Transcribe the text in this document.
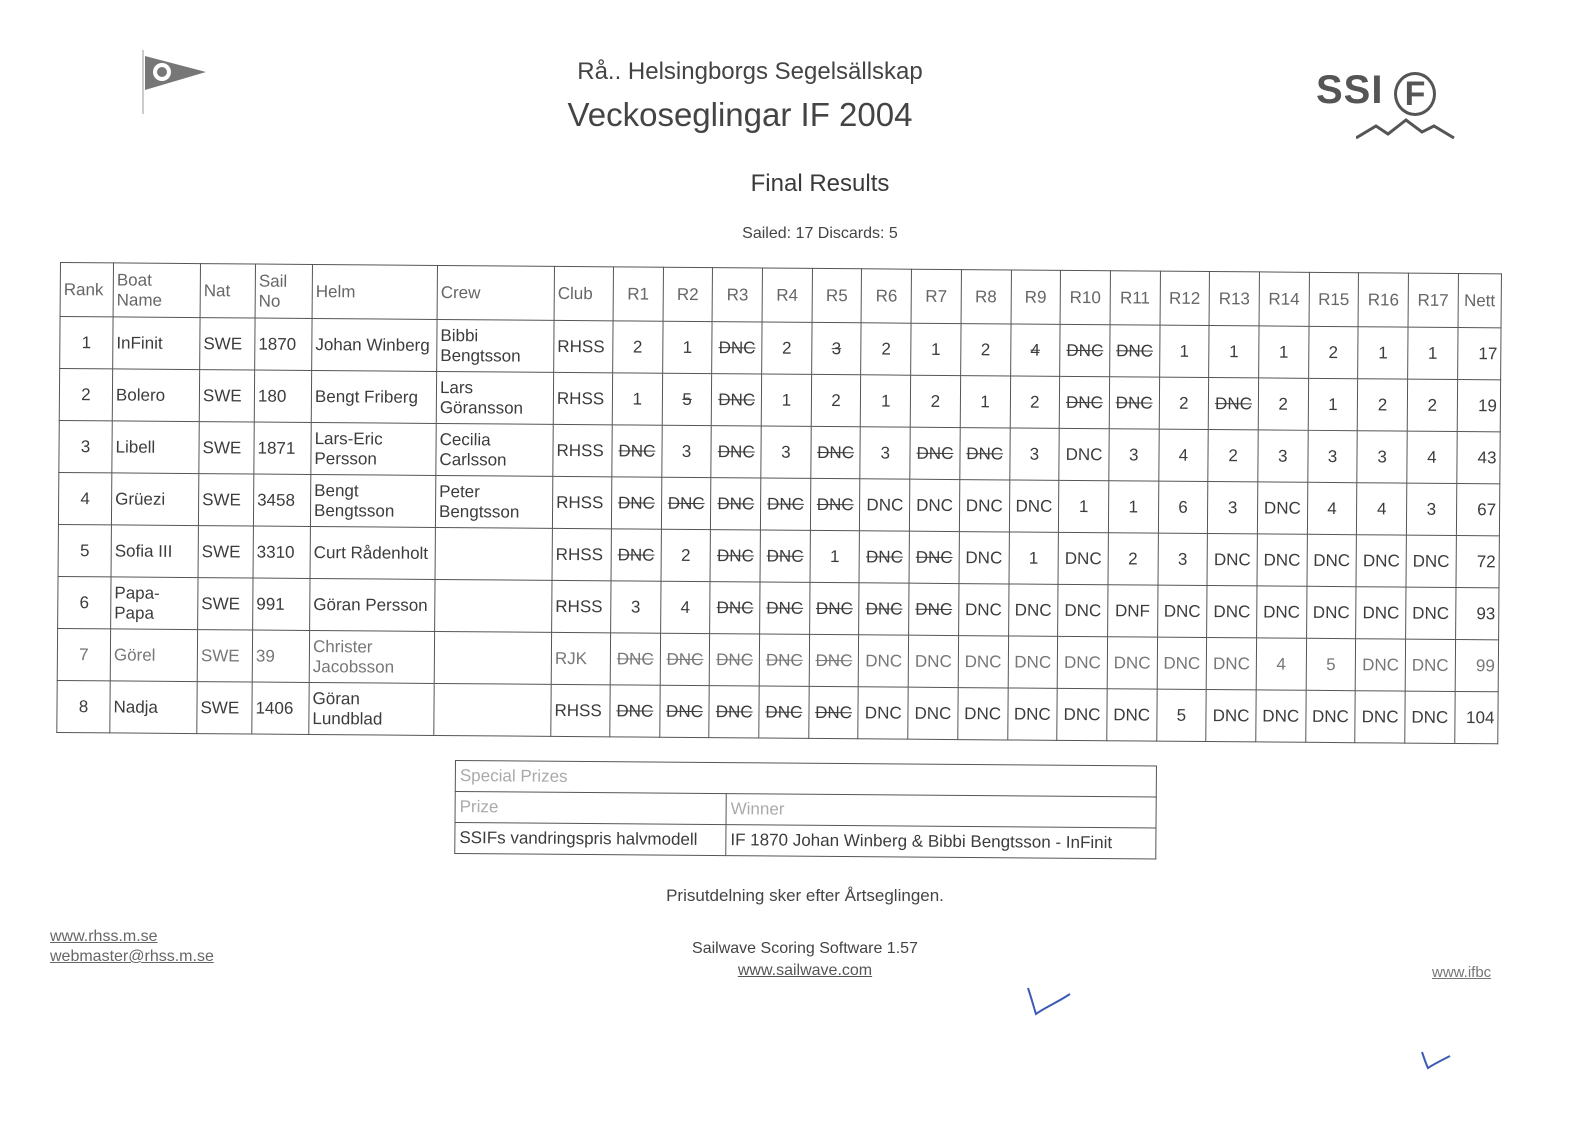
Rå.. Helsingborgs Segelsällskap
Veckoseglingar IF 2004
Final Results
Sailed: 17 Discards: 5
SSI F
Rank	Boat Name	Nat	Sail No	Helm	Crew	Club	R1	R2	R3	R4	R5	R6	R7	R8	R9	R10	R11	R12	R13	R14	R15	R16	R17	Nett
1	InFinit	SWE	1870	Johan Winberg	Bibbi Bengtsson	RHSS	2	1	DNC	2	3	2	1	2	4	DNC	DNC	1	1	1	2	1	1	17
2	Bolero	SWE	180	Bengt Friberg	Lars Göransson	RHSS	1	5	DNC	1	2	1	2	1	2	DNC	DNC	2	DNC	2	1	2	2	19
3	Libell	SWE	1871	Lars-Eric Persson	Cecilia Carlsson	RHSS	DNC	3	DNC	3	DNC	3	DNC	DNC	3	DNC	3	4	2	3	3	3	4	43
4	Grüezi	SWE	3458	Bengt Bengtsson	Peter Bengtsson	RHSS	DNC	DNC	DNC	DNC	DNC	DNC	DNC	DNC	DNC	1	1	6	3	DNC	4	4	3	67
5	Sofia III	SWE	3310	Curt Rådenholt		RHSS	DNC	2	DNC	DNC	1	DNC	DNC	DNC	1	DNC	2	3	DNC	DNC	DNC	DNC	DNC	72
6	Papa-Papa	SWE	991	Göran Persson		RHSS	3	4	DNC	DNC	DNC	DNC	DNC	DNC	DNC	DNC	DNF	DNC	DNC	DNC	DNC	DNC	DNC	93
7	Görel	SWE	39	Christer Jacobsson		RJK	DNC	DNC	DNC	DNC	DNC	DNC	DNC	DNC	DNC	DNC	DNC	DNC	DNC	4	5	DNC	DNC	99
8	Nadja	SWE	1406	Göran Lundblad		RHSS	DNC	DNC	DNC	DNC	DNC	DNC	DNC	DNC	DNC	DNC	DNC	5	DNC	DNC	DNC	DNC	DNC	104
Special Prizes	
Prize	Winner
SSIFs vandringspris halvmodell	IF 1870 Johan Winberg & Bibbi Bengtsson - InFinit
Prisutdelning sker efter Årtseglingen.
Sailwave Scoring Software 1.57
www.sailwave.com
www.rhss.m.se
webmaster@rhss.m.se
www.ifbc
